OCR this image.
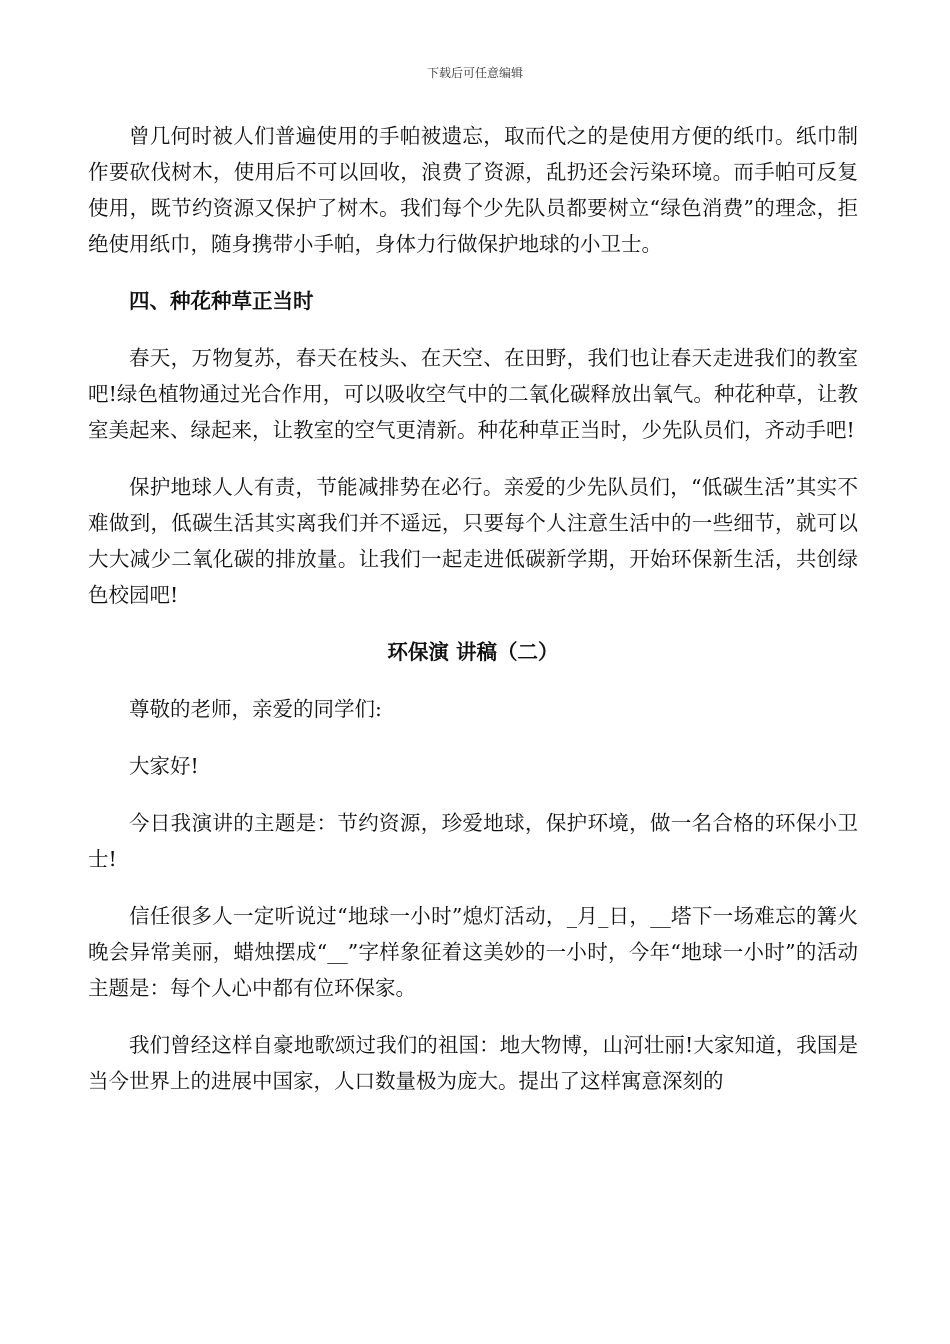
下载后可任意编辑

曾几何时被人们普遍使用的手帕被遗忘，取而代之的是使用方便的纸巾。纸巾制作要砍伐树木，使用后不可以回收，浪费了资源，乱扔还会污染环境。而手帕可反复使用，既节约资源又保护了树木。我们每个少先队员都要树立“绿色消费”的理念，拒绝使用纸巾，随身携带小手帕，身体力行做保护地球的小卫士。

四、种花种草正当时

春天，万物复苏，春天在枝头、在天空、在田野，我们也让春天走进我们的教室吧!绿色植物通过光合作用，可以吸收空气中的二氧化碳释放出氧气。种花种草，让教室美起来、绿起来，让教室的空气更清新。种花种草正当时，少先队员们，齐动手吧!

保护地球人人有责，节能减排势在必行。亲爱的少先队员们，“低碳生活”其实不难做到，低碳生活其实离我们并不遥远，只要每个人注意生活中的一些细节，就可以大大减少二氧化碳的排放量。让我们一起走进低碳新学期，开始环保新生活，共创绿色校园吧!

环保演 讲稿（二）

尊敬的老师，亲爱的同学们:

大家好!

今日我演讲的主题是：节约资源，珍爱地球，保护环境，做一名合格的环保小卫士!

信任很多人一定听说过“地球一小时”熄灯活动，_月_日，__塔下一场难忘的篝火晚会异常美丽，蜡烛摆成“__”字样象征着这美妙的一小时，今年“地球一小时”的活动主题是：每个人心中都有位环保家。

我们曾经这样自豪地歌颂过我们的祖国：地大物博，山河壮丽!大家知道，我国是当今世界上的进展中国家，人口数量极为庞大。提出了这样寓意深刻的
